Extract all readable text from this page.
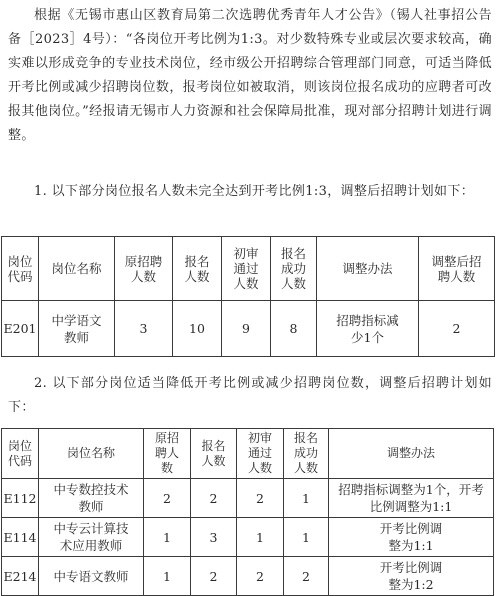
根据《无锡市惠山区教育局第二次选聘优秀青年人才公告》（锡人社事招公告备［2023］4号）：“各岗位开考比例为1:3。对少数特殊专业或层次要求较高，确实难以形成竞争的专业技术岗位，经市级公开招聘综合管理部门同意，可适当降低开考比例或减少招聘岗位数，报考岗位如被取消，则该岗位报名成功的应聘者可改报其他岗位。”经报请无锡市人力资源和社会保障局批准，现对部分招聘计划进行调整。

1. 以下部分岗位报名人数未完全达到开考比例1:3，调整后招聘计划如下：

岗位代码	岗位名称	原招聘人数	报名人数	初审通过人数	报名成功人数	调整办法	调整后招聘人数
E201	中学语文教师	3	10	9	8	招聘指标减少1个	2

2. 以下部分岗位适当降低开考比例或减少招聘岗位数，调整后招聘计划如下：

岗位代码	岗位名称	原招聘人数	报名人数	初审通过人数	报名成功人数	调整办法
E112	中专数控技术教师	2	2	2	1	招聘指标调整为1个，开考比例调整为1:1
E114	中专云计算技术应用教师	1	3	1	1	开考比例调整为1:1
E214	中专语文教师	1	2	2	2	开考比例调整为1:2
